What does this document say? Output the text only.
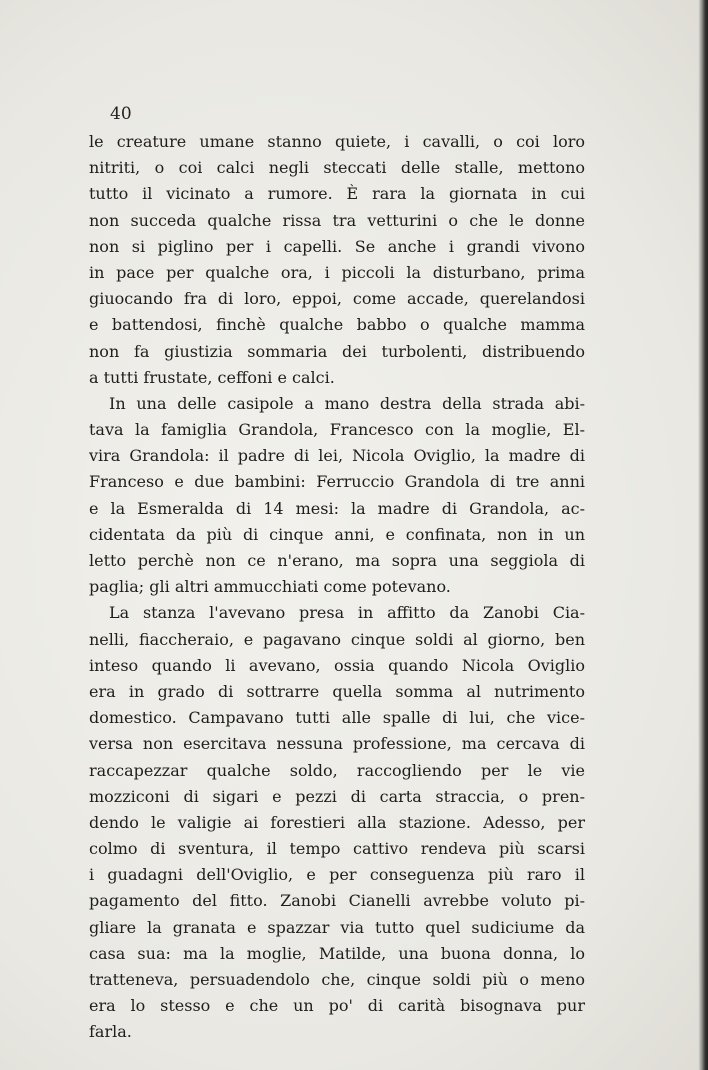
40

le creature umane stanno quiete, i cavalli, o coi loro
nitriti, o coi calci negli steccati delle stalle, mettono
tutto il vicinato a rumore. È rara la giornata in cui
non succeda qualche rissa tra vetturini o che le donne
non si piglino per i capelli. Se anche i grandi vivono
in pace per qualche ora, i piccoli la disturbano, prima
giuocando fra di loro, eppoi, come accade, querelandosi
e battendosi, finchè qualche babbo o qualche mamma
non fa giustizia sommaria dei turbolenti, distribuendo
a tutti frustate, ceffoni e calci.
In una delle casipole a mano destra della strada abi-
tava la famiglia Grandola, Francesco con la moglie, El-
vira Grandola: il padre di lei, Nicola Oviglio, la madre di
Franceso e due bambini: Ferruccio Grandola di tre anni
e la Esmeralda di 14 mesi: la madre di Grandola, ac-
cidentata da più di cinque anni, e confinata, non in un
letto perchè non ce n'erano, ma sopra una seggiola di
paglia; gli altri ammucchiati come potevano.
La stanza l'avevano presa in affitto da Zanobi Cia-
nelli, fiaccheraio, e pagavano cinque soldi al giorno, ben
inteso quando li avevano, ossia quando Nicola Oviglio
era in grado di sottrarre quella somma al nutrimento
domestico. Campavano tutti alle spalle di lui, che vice-
versa non esercitava nessuna professione, ma cercava di
raccapezzar qualche soldo, raccogliendo per le vie
mozziconi di sigari e pezzi di carta straccia, o pren-
dendo le valigie ai forestieri alla stazione. Adesso, per
colmo di sventura, il tempo cattivo rendeva più scarsi
i guadagni dell'Oviglio, e per conseguenza più raro il
pagamento del fitto. Zanobi Cianelli avrebbe voluto pi-
gliare la granata e spazzar via tutto quel sudiciume da
casa sua: ma la moglie, Matilde, una buona donna, lo
tratteneva, persuadendolo che, cinque soldi più o meno
era lo stesso e che un po' di carità bisognava pur
farla.
